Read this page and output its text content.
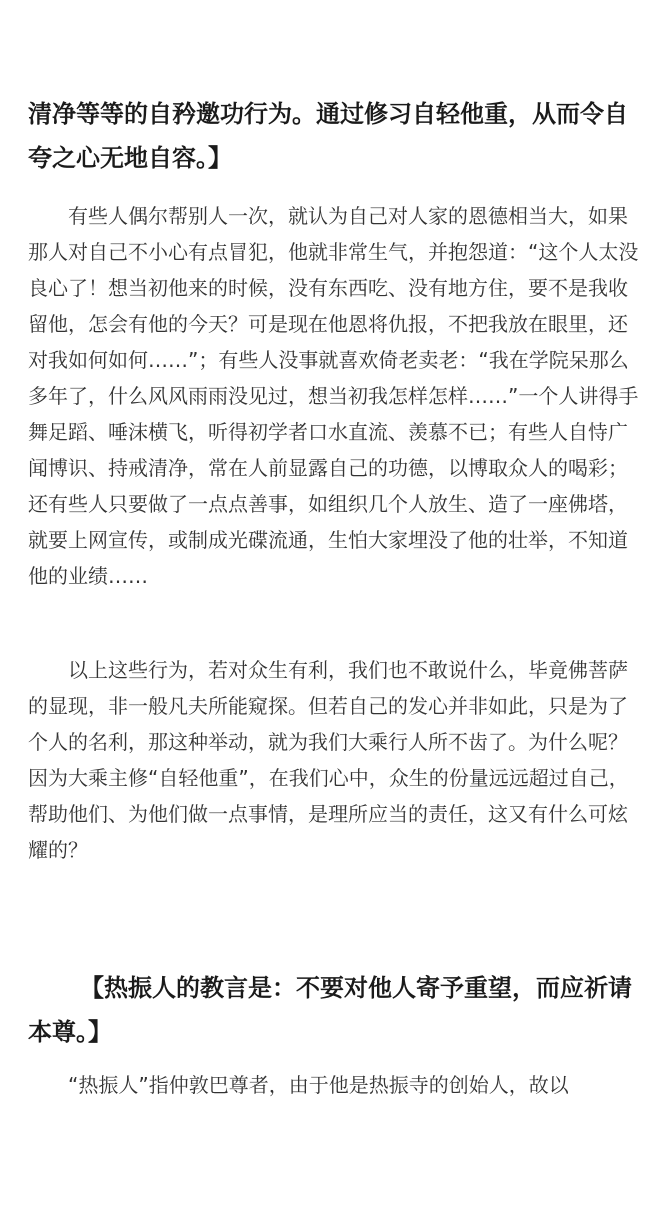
清净等等的自矜邀功行为。通过修习自轻他重，从而令自夸之心无地自容。】
有些人偶尔帮别人一次，就认为自己对人家的恩德相当大，如果那人对自己不小心有点冒犯，他就非常生气，并抱怨道：“这个人太没良心了！想当初他来的时候，没有东西吃、没有地方住，要不是我收留他，怎会有他的今天？可是现在他恩将仇报，不把我放在眼里，还对我如何如何……”；有些人没事就喜欢倚老卖老：“我在学院呆那么多年了，什么风风雨雨没见过，想当初我怎样怎样……”一个人讲得手舞足蹈、唾沫横飞，听得初学者口水直流、羡慕不已；有些人自恃广闻博识、持戒清净，常在人前显露自己的功德，以博取众人的喝彩；还有些人只要做了一点点善事，如组织几个人放生、造了一座佛塔，就要上网宣传，或制成光碟流通，生怕大家埋没了他的壮举，不知道他的业绩……
以上这些行为，若对众生有利，我们也不敢说什么，毕竟佛菩萨的显现，非一般凡夫所能窥探。但若自己的发心并非如此，只是为了个人的名利，那这种举动，就为我们大乘行人所不齿了。为什么呢？因为大乘主修“自轻他重”，在我们心中，众生的份量远远超过自己，帮助他们、为他们做一点事情，是理所应当的责任，这又有什么可炫耀的？
【热振人的教言是：不要对他人寄予重望，而应祈请本尊。】
“热振人”指仲敦巴尊者，由于他是热振寺的创始人，故以
